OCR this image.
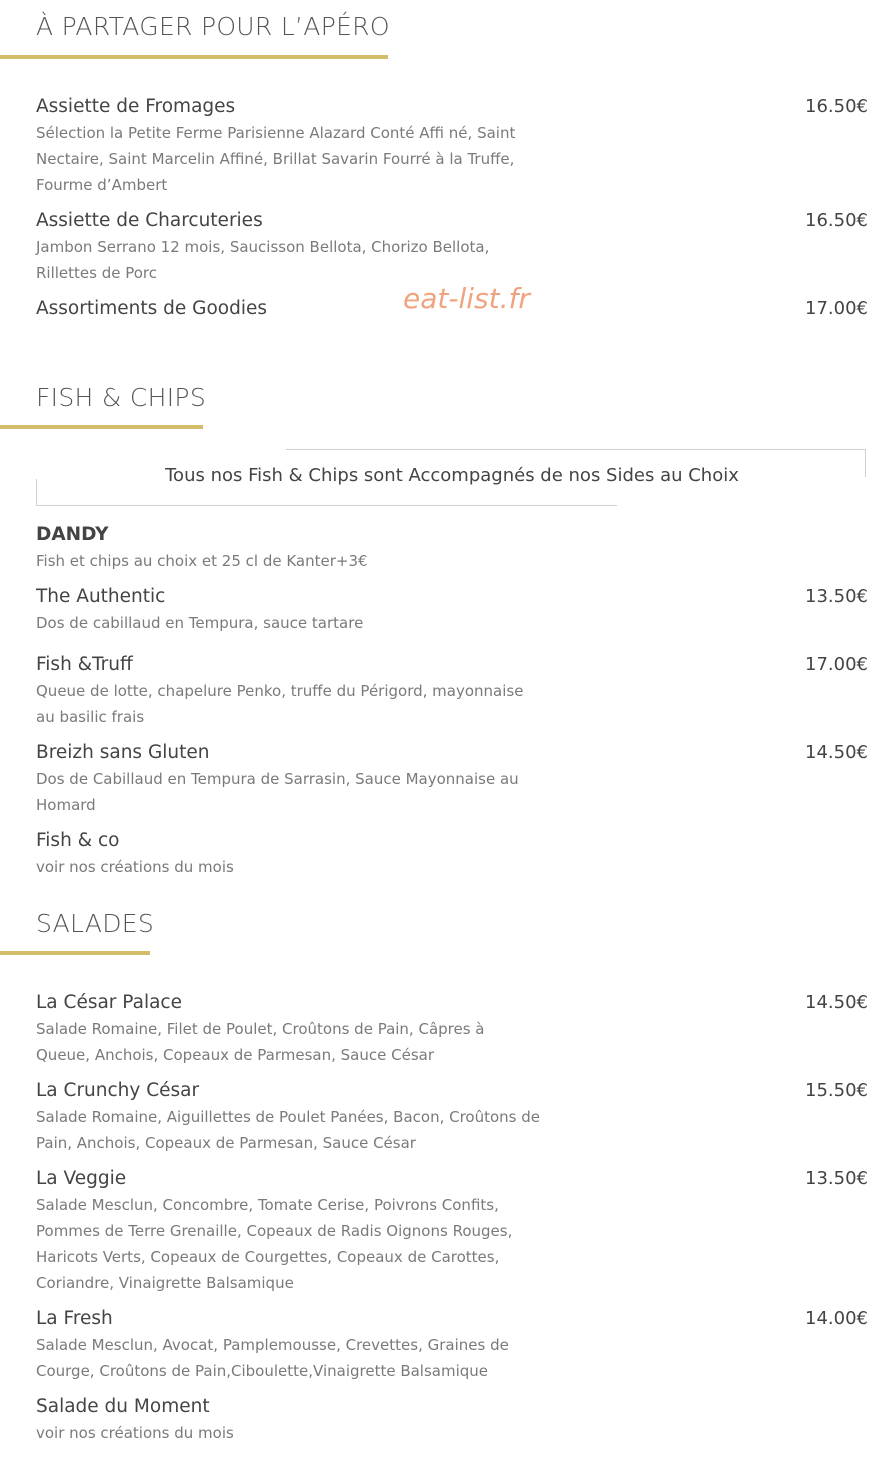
À PARTAGER POUR L’APÉRO
Assiette de Fromages
Sélection la Petite Ferme Parisienne Alazard Conté Affi né, Saint Nectaire, Saint Marcelin Affiné, Brillat Savarin Fourré à la Truffe, Fourme d’Ambert
16.50€
Assiette de Charcuteries
Jambon Serrano 12 mois, Saucisson Bellota, Chorizo Bellota, Rillettes de Porc
16.50€
Assortiments de Goodies	17.00€
eat-list.fr
FISH & CHIPS
Tous nos Fish & Chips sont Accompagnés de nos Sides au Choix
DANDY
Fish et chips au choix et 25 cl de Kanter+3€
The Authentic
Dos de cabillaud en Tempura, sauce tartare
13.50€
Fish &Truff
Queue de lotte, chapelure Penko, truffe du Périgord, mayonnaise au basilic frais
17.00€
Breizh sans Gluten
Dos de Cabillaud en Tempura de Sarrasin, Sauce Mayonnaise au Homard
14.50€
Fish & co
voir nos créations du mois
SALADES
La César Palace
Salade Romaine, Filet de Poulet, Croûtons de Pain, Câpres à Queue, Anchois, Copeaux de Parmesan, Sauce César
14.50€
La Crunchy César
Salade Romaine, Aiguillettes de Poulet Panées, Bacon, Croûtons de Pain, Anchois, Copeaux de Parmesan, Sauce César
15.50€
La Veggie
Salade Mesclun, Concombre, Tomate Cerise, Poivrons Confits, Pommes de Terre Grenaille, Copeaux de Radis Oignons Rouges, Haricots Verts, Copeaux de Courgettes, Copeaux de Carottes, Coriandre, Vinaigrette Balsamique
13.50€
La Fresh
Salade Mesclun, Avocat, Pamplemousse, Crevettes, Graines de Courge, Croûtons de Pain,Ciboulette,Vinaigrette Balsamique
14.00€
Salade du Moment
voir nos créations du mois
